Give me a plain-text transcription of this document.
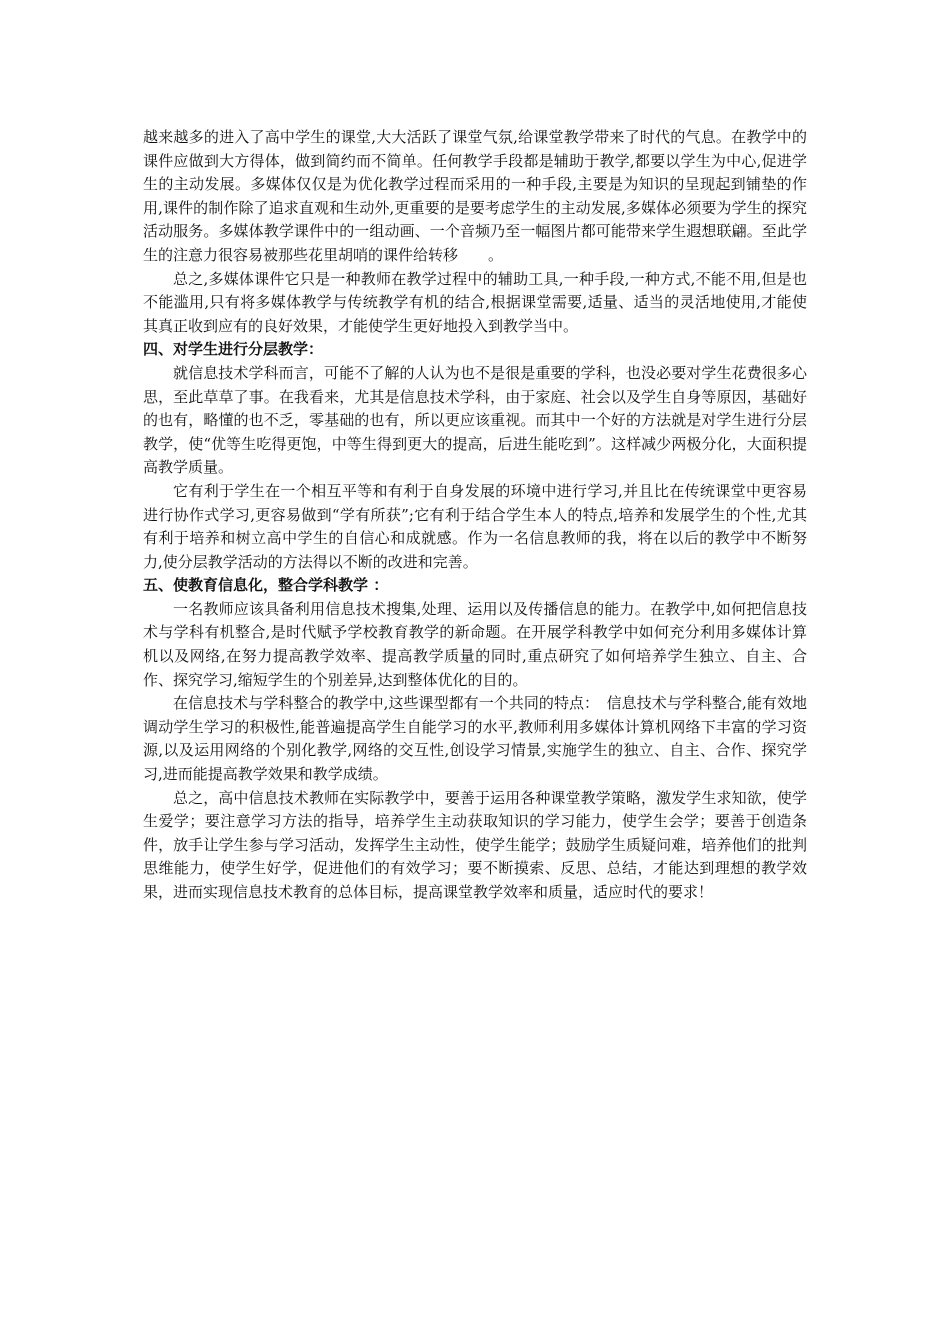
越来越多的进入了高中学生的课堂,大大活跃了课堂气氛,给课堂教学带来了时代的气息。在教学中的课件应做到大方得体，做到简约而不简单。任何教学手段都是辅助于教学,都要以学生为中心,促进学生的主动发展。多媒体仅仅是为优化教学过程而采用的一种手段,主要是为知识的呈现起到铺垫的作用,课件的制作除了追求直观和生动外,更重要的是要考虑学生的主动发展,多媒体必须要为学生的探究活动服务。多媒体教学课件中的一组动画、一个音频乃至一幅图片都可能带来学生遐想联翩。至此学生的注意力很容易被那些花里胡哨的课件给转移　　。

总之,多媒体课件它只是一种教师在教学过程中的辅助工具,一种手段,一种方式,不能不用,但是也不能滥用,只有将多媒体教学与传统教学有机的结合,根据课堂需要,适量、适当的灵活地使用,才能使其真正收到应有的良好效果，才能使学生更好地投入到教学当中。

四、对学生进行分层教学：

就信息技术学科而言，可能不了解的人认为也不是很是重要的学科，也没必要对学生花费很多心思，至此草草了事。在我看来，尤其是信息技术学科，由于家庭、社会以及学生自身等原因，基础好的也有，略懂的也不乏，零基础的也有，所以更应该重视。而其中一个好的方法就是对学生进行分层教学，使“优等生吃得更饱，中等生得到更大的提高，后进生能吃到”。这样减少两极分化，大面积提高教学质量。

它有利于学生在一个相互平等和有利于自身发展的环境中进行学习,并且比在传统课堂中更容易进行协作式学习,更容易做到“学有所获”;它有利于结合学生本人的特点,培养和发展学生的个性,尤其有利于培养和树立高中学生的自信心和成就感。作为一名信息教师的我，将在以后的教学中不断努力,使分层教学活动的方法得以不断的改进和完善。

五、使教育信息化，整合学科教学 ：

一名教师应该具备利用信息技术搜集,处理、运用以及传播信息的能力。在教学中,如何把信息技术与学科有机整合,是时代赋予学校教育教学的新命题。在开展学科教学中如何充分利用多媒体计算机以及网络,在努力提高教学效率、提高教学质量的同时,重点研究了如何培养学生独立、自主、合作、探究学习,缩短学生的个别差异,达到整体优化的目的。

在信息技术与学科整合的教学中,这些课型都有一个共同的特点：　信息技术与学科整合,能有效地调动学生学习的积极性,能普遍提高学生自能学习的水平,教师利用多媒体计算机网络下丰富的学习资源,以及运用网络的个别化教学,网络的交互性,创设学习情景,实施学生的独立、自主、合作、探究学习,进而能提高教学效果和教学成绩。

总之，高中信息技术教师在实际教学中，要善于运用各种课堂教学策略，激发学生求知欲，使学生爱学；要注意学习方法的指导，培养学生主动获取知识的学习能力，使学生会学；要善于创造条件，放手让学生参与学习活动，发挥学生主动性，使学生能学；鼓励学生质疑问难，培养他们的批判思维能力，使学生好学，促进他们的有效学习；要不断摸索、反思、总结，才能达到理想的教学效果，进而实现信息技术教育的总体目标，提高课堂教学效率和质量，适应时代的要求！
